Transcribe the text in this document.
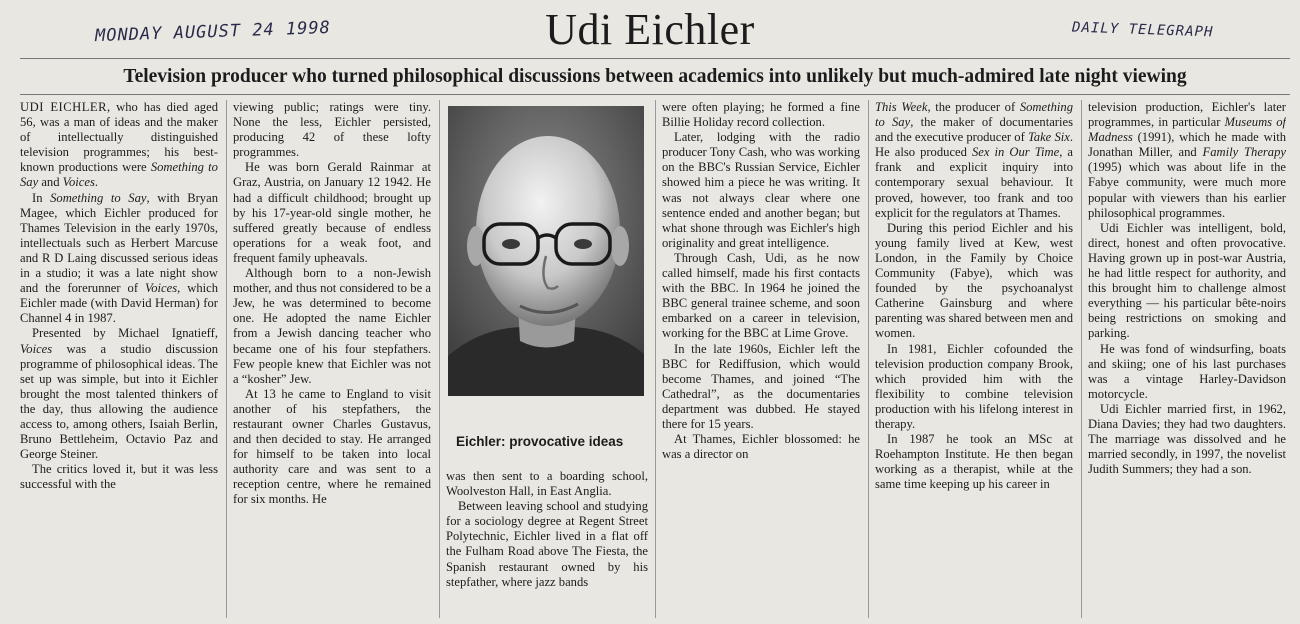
MONDAY AUGUST 24 1998	DAILY TELEGRAPH
Udi Eichler
Television producer who turned philosophical discussions between academics into unlikely but much-admired late night viewing

UDI EICHLER, who has died aged 56, was a man of ideas and the maker of intellectually distinguished television programmes; his best-known productions were Something to Say and Voices.

In Something to Say, with Bryan Magee, which Eichler produced for Thames Television in the early 1970s, intellectuals such as Herbert Marcuse and R D Laing discussed serious ideas in a studio; it was a late night show and the forerunner of Voices, which Eichler made (with David Herman) for Channel 4 in 1987.

Presented by Michael Ignatieff, Voices was a studio discussion programme of philosophical ideas. The set up was simple, but into it Eichler brought the most talented thinkers of the day, thus allowing the audience access to, among others, Isaiah Berlin, Bruno Bettleheim, Octavio Paz and George Steiner.

The critics loved it, but it was less successful with the

viewing public; ratings were tiny. None the less, Eichler persisted, producing 42 of these lofty programmes.

He was born Gerald Rainmar at Graz, Austria, on January 12 1942. He had a difficult childhood; brought up by his 17-year-old single mother, he suffered greatly because of endless operations for a weak foot, and frequent family upheavals.

Although born to a non-Jewish mother, and thus not considered to be a Jew, he was determined to become one. He adopted the name Eichler from a Jewish dancing teacher who became one of his four stepfathers. Few people knew that Eichler was not a “kosher” Jew.

At 13 he came to England to visit another of his stepfathers, the restaurant owner Charles Gustavus, and then decided to stay. He arranged for himself to be taken into local authority care and was sent to a reception centre, where he remained for six months. He

Eichler: provocative ideas

was then sent to a boarding school, Woolveston Hall, in East Anglia.

Between leaving school and studying for a sociology degree at Regent Street Polytechnic, Eichler lived in a flat off the Fulham Road above The Fiesta, the Spanish restaurant owned by his stepfather, where jazz bands

were often playing; he formed a fine Billie Holiday record collection.

Later, lodging with the radio producer Tony Cash, who was working on the BBC's Russian Service, Eichler showed him a piece he was writing. It was not always clear where one sentence ended and another began; but what shone through was Eichler's high originality and great intelligence.

Through Cash, Udi, as he now called himself, made his first contacts with the BBC. In 1964 he joined the BBC general trainee scheme, and soon embarked on a career in television, working for the BBC at Lime Grove.

In the late 1960s, Eichler left the BBC for Rediffusion, which would become Thames, and joined “The Cathedral”, as the documentaries department was dubbed. He stayed there for 15 years.

At Thames, Eichler blossomed: he was a director on

This Week, the producer of Something to Say, the maker of documentaries and the executive producer of Take Six. He also produced Sex in Our Time, a frank and explicit inquiry into contemporary sexual behaviour. It proved, however, too frank and too explicit for the regulators at Thames.

During this period Eichler and his young family lived at Kew, west London, in the Family by Choice Community (Fabye), which was founded by the psychoanalyst Catherine Gainsburg and where parenting was shared between men and women.

In 1981, Eichler cofounded the television production company Brook, which provided him with the flexibility to combine television production with his lifelong interest in therapy.

In 1987 he took an MSc at Roehampton Institute. He then began working as a therapist, while at the same time keeping up his career in

television production, Eichler's later programmes, in particular Museums of Madness (1991), which he made with Jonathan Miller, and Family Therapy (1995) which was about life in the Fabye community, were much more popular with viewers than his earlier philosophical programmes.

Udi Eichler was intelligent, bold, direct, honest and often provocative. Having grown up in post-war Austria, he had little respect for authority, and this brought him to challenge almost everything — his particular bête-noirs being restrictions on smoking and parking.

He was fond of windsurfing, boats and skiing; one of his last purchases was a vintage Harley-Davidson motorcycle.

Udi Eichler married first, in 1962, Diana Davies; they had two daughters. The marriage was dissolved and he married secondly, in 1997, the novelist Judith Summers; they had a son.
